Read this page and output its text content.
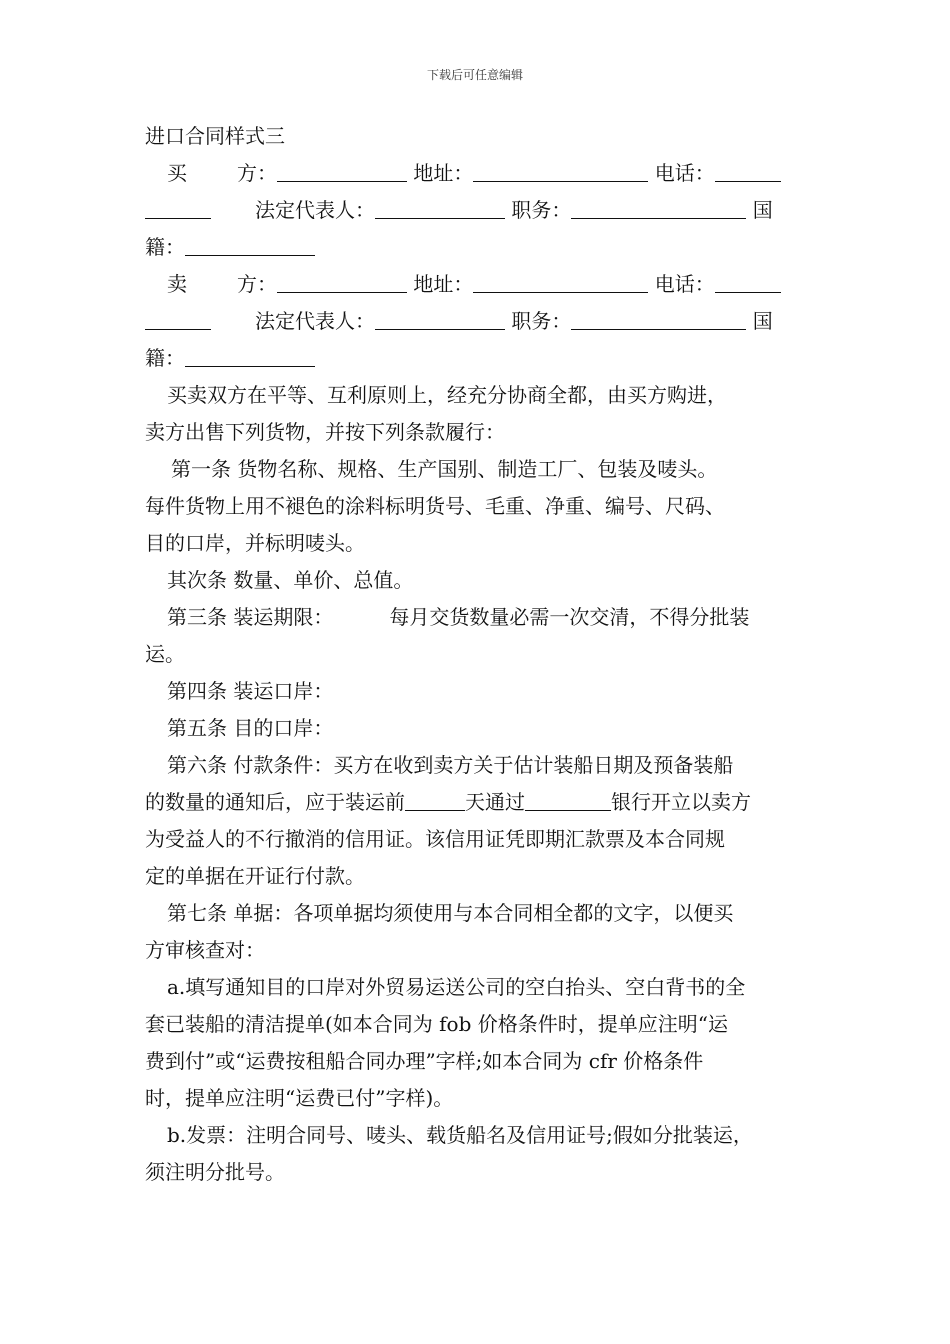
下载后可任意编辑
进口合同样式三
买	方：	地址：	电话：
法定代表人：	职务：	国
籍：
卖	方：	地址：	电话：
法定代表人：	职务：	国
籍：
买卖双方在平等、互利原则上，经充分协商全都，由买方购进，
卖方出售下列货物，并按下列条款履行：
第一条 货物名称、规格、生产国别、制造工厂、包装及唛头。
每件货物上用不褪色的涂料标明货号、毛重、净重、编号、尺码、
目的口岸，并标明唛头。
其次条 数量、单价、总值。
第三条 装运期限：	每月交货数量必需一次交清，不得分批装
运。
第四条 装运口岸：
第五条 目的口岸：
第六条 付款条件：买方在收到卖方关于估计装船日期及预备装船
的数量的通知后，应于装运前	天通过	银行开立以卖方
为受益人的不行撤消的信用证。该信用证凭即期汇款票及本合同规
定的单据在开证行付款。
第七条 单据：各项单据均须使用与本合同相全都的文字，以便买
方审核查对：
a.填写通知目的口岸对外贸易运送公司的空白抬头、空白背书的全
套已装船的清洁提单(如本合同为 fob 价格条件时，提单应注明“运
费到付”或“运费按租船合同办理”字样;如本合同为 cfr 价格条件
时，提单应注明“运费已付”字样)。
b.发票：注明合同号、唛头、载货船名及信用证号;假如分批装运，
须注明分批号。
